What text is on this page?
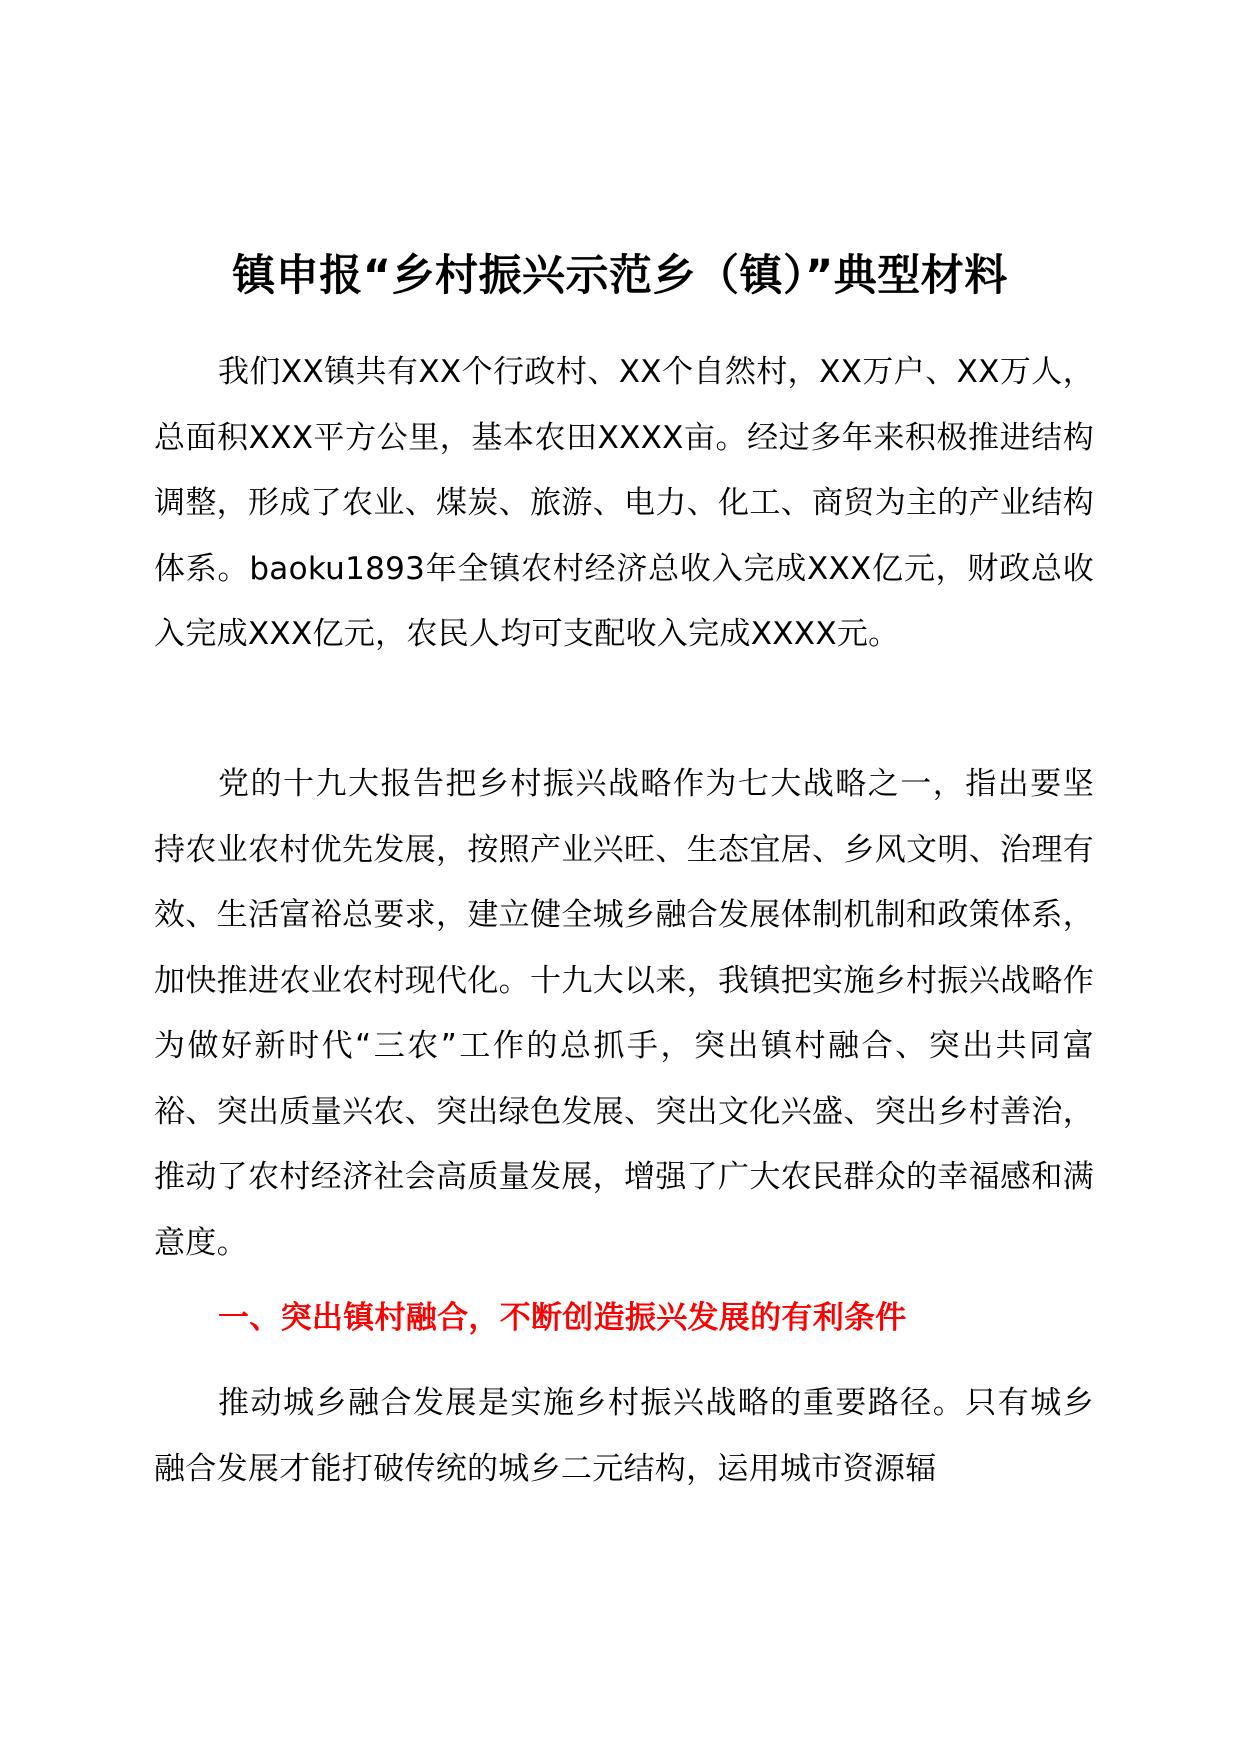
镇申报“乡村振兴示范乡（镇）”典型材料

我们XX镇共有XX个行政村、XX个自然村，XX万户、XX万人，总面积XXX平方公里，基本农田XXXX亩。经过多年来积极推进结构调整，形成了农业、煤炭、旅游、电力、化工、商贸为主的产业结构体系。baoku1893年全镇农村经济总收入完成XXX亿元，财政总收入完成XXX亿元，农民人均可支配收入完成XXXX元。

党的十九大报告把乡村振兴战略作为七大战略之一，指出要坚持农业农村优先发展，按照产业兴旺、生态宜居、乡风文明、治理有效、生活富裕总要求，建立健全城乡融合发展体制机制和政策体系，加快推进农业农村现代化。十九大以来，我镇把实施乡村振兴战略作为做好新时代“三农”工作的总抓手，突出镇村融合、突出共同富裕、突出质量兴农、突出绿色发展、突出文化兴盛、突出乡村善治，推动了农村经济社会高质量发展，增强了广大农民群众的幸福感和满意度。

一、突出镇村融合，不断创造振兴发展的有利条件

推动城乡融合发展是实施乡村振兴战略的重要路径。只有城乡融合发展才能打破传统的城乡二元结构，运用城市资源辐
